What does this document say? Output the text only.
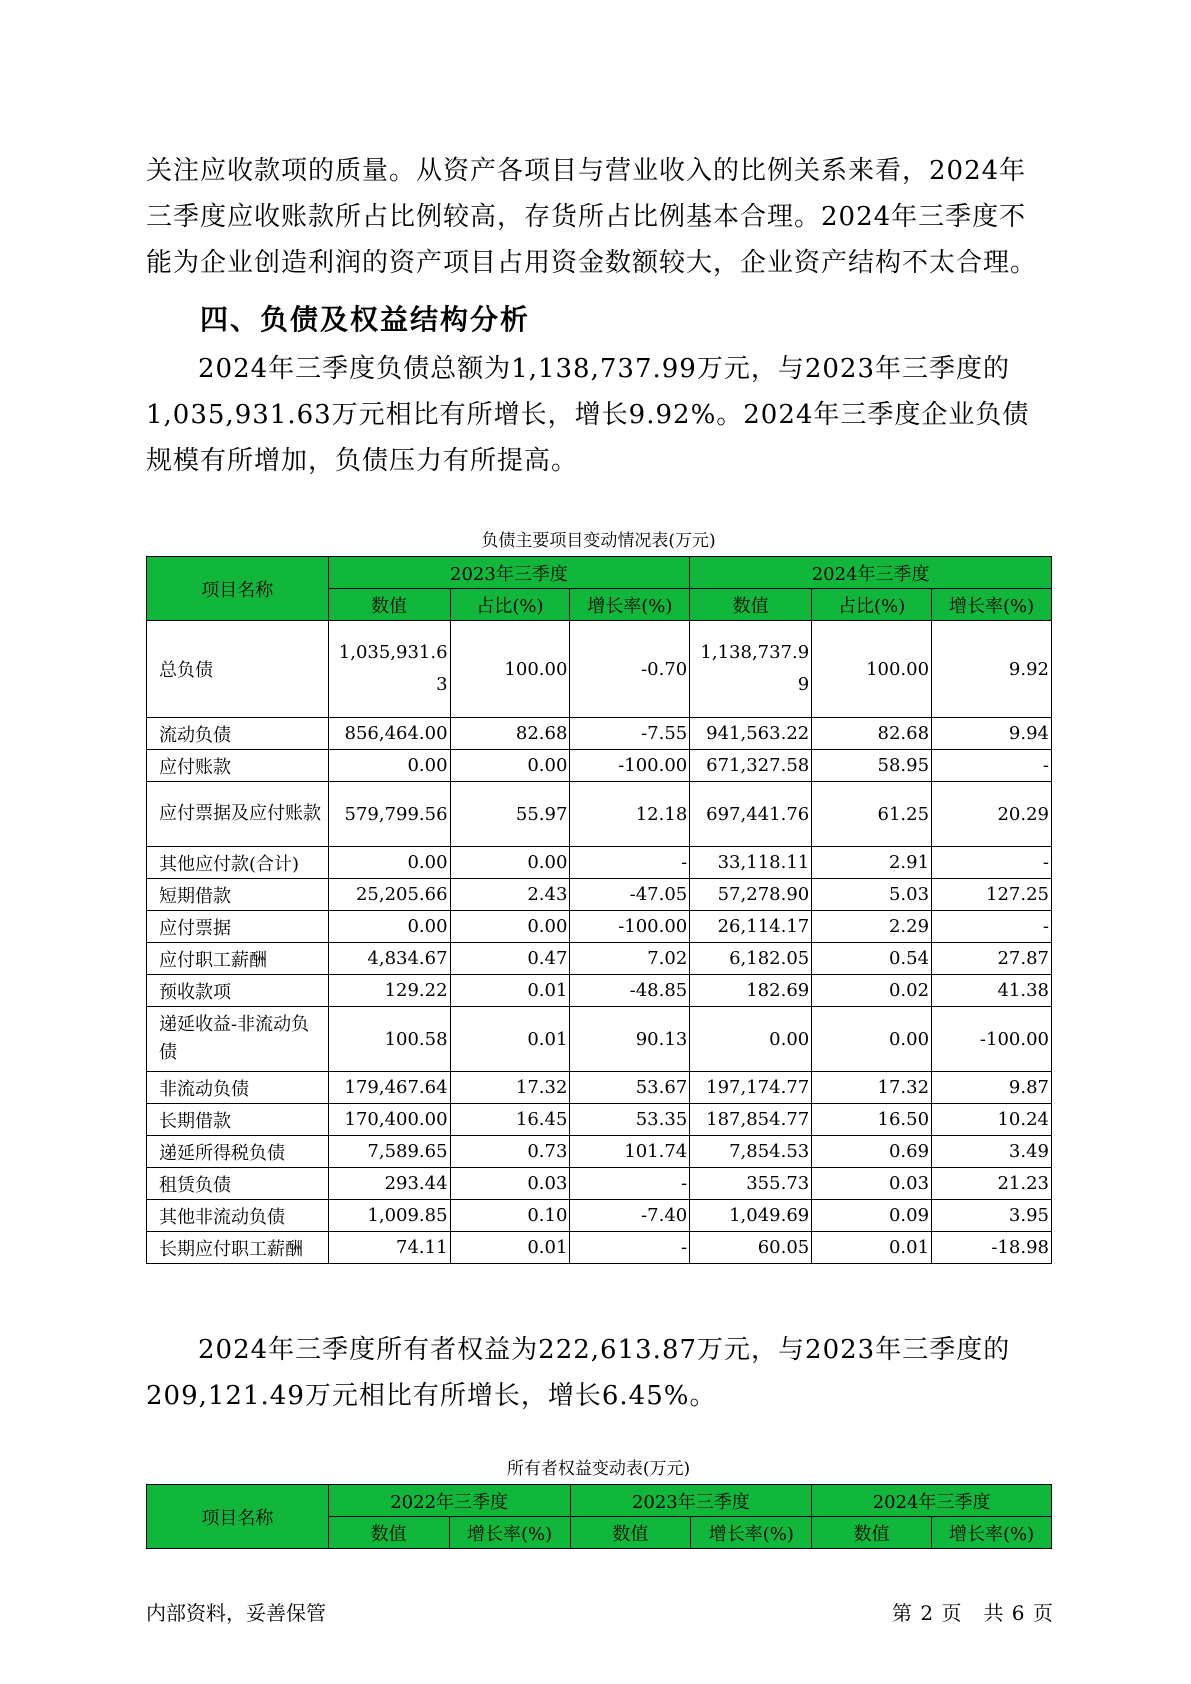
关注应收款项的质量。从资产各项目与营业收入的比例关系来看，2024年三季度应收账款所占比例较高，存货所占比例基本合理。2024年三季度不能为企业创造利润的资产项目占用资金数额较大，企业资产结构不太合理。

四、负债及权益结构分析

2024年三季度负债总额为1,138,737.99万元，与2023年三季度的1,035,931.63万元相比有所增长，增长9.92%。2024年三季度企业负债规模有所增加，负债压力有所提高。

负债主要项目变动情况表(万元)
项目名称	2023年三季度			2024年三季度		
	数值	占比(%)	增长率(%)	数值	占比(%)	增长率(%)
总负债	1,035,931.63	100.00	-0.70	1,138,737.99	100.00	9.92
流动负债	856,464.00	82.68	-7.55	941,563.22	82.68	9.94
应付账款	0.00	0.00	-100.00	671,327.58	58.95	-
应付票据及应付账款	579,799.56	55.97	12.18	697,441.76	61.25	20.29
其他应付款(合计)	0.00	0.00	-	33,118.11	2.91	-
短期借款	25,205.66	2.43	-47.05	57,278.90	5.03	127.25
应付票据	0.00	0.00	-100.00	26,114.17	2.29	-
应付职工薪酬	4,834.67	0.47	7.02	6,182.05	0.54	27.87
预收款项	129.22	0.01	-48.85	182.69	0.02	41.38
递延收益-非流动负债	100.58	0.01	90.13	0.00	0.00	-100.00
非流动负债	179,467.64	17.32	53.67	197,174.77	17.32	9.87
长期借款	170,400.00	16.45	53.35	187,854.77	16.50	10.24
递延所得税负债	7,589.65	0.73	101.74	7,854.53	0.69	3.49
租赁负债	293.44	0.03	-	355.73	0.03	21.23
其他非流动负债	1,009.85	0.10	-7.40	1,049.69	0.09	3.95
长期应付职工薪酬	74.11	0.01	-	60.05	0.01	-18.98

2024年三季度所有者权益为222,613.87万元，与2023年三季度的209,121.49万元相比有所增长，增长6.45%。

所有者权益变动表(万元)
项目名称	2022年三季度		2023年三季度		2024年三季度	
	数值	增长率(%)	数值	增长率(%)	数值	增长率(%)
内部资料，妥善保管	第 2 页　共 6 页
